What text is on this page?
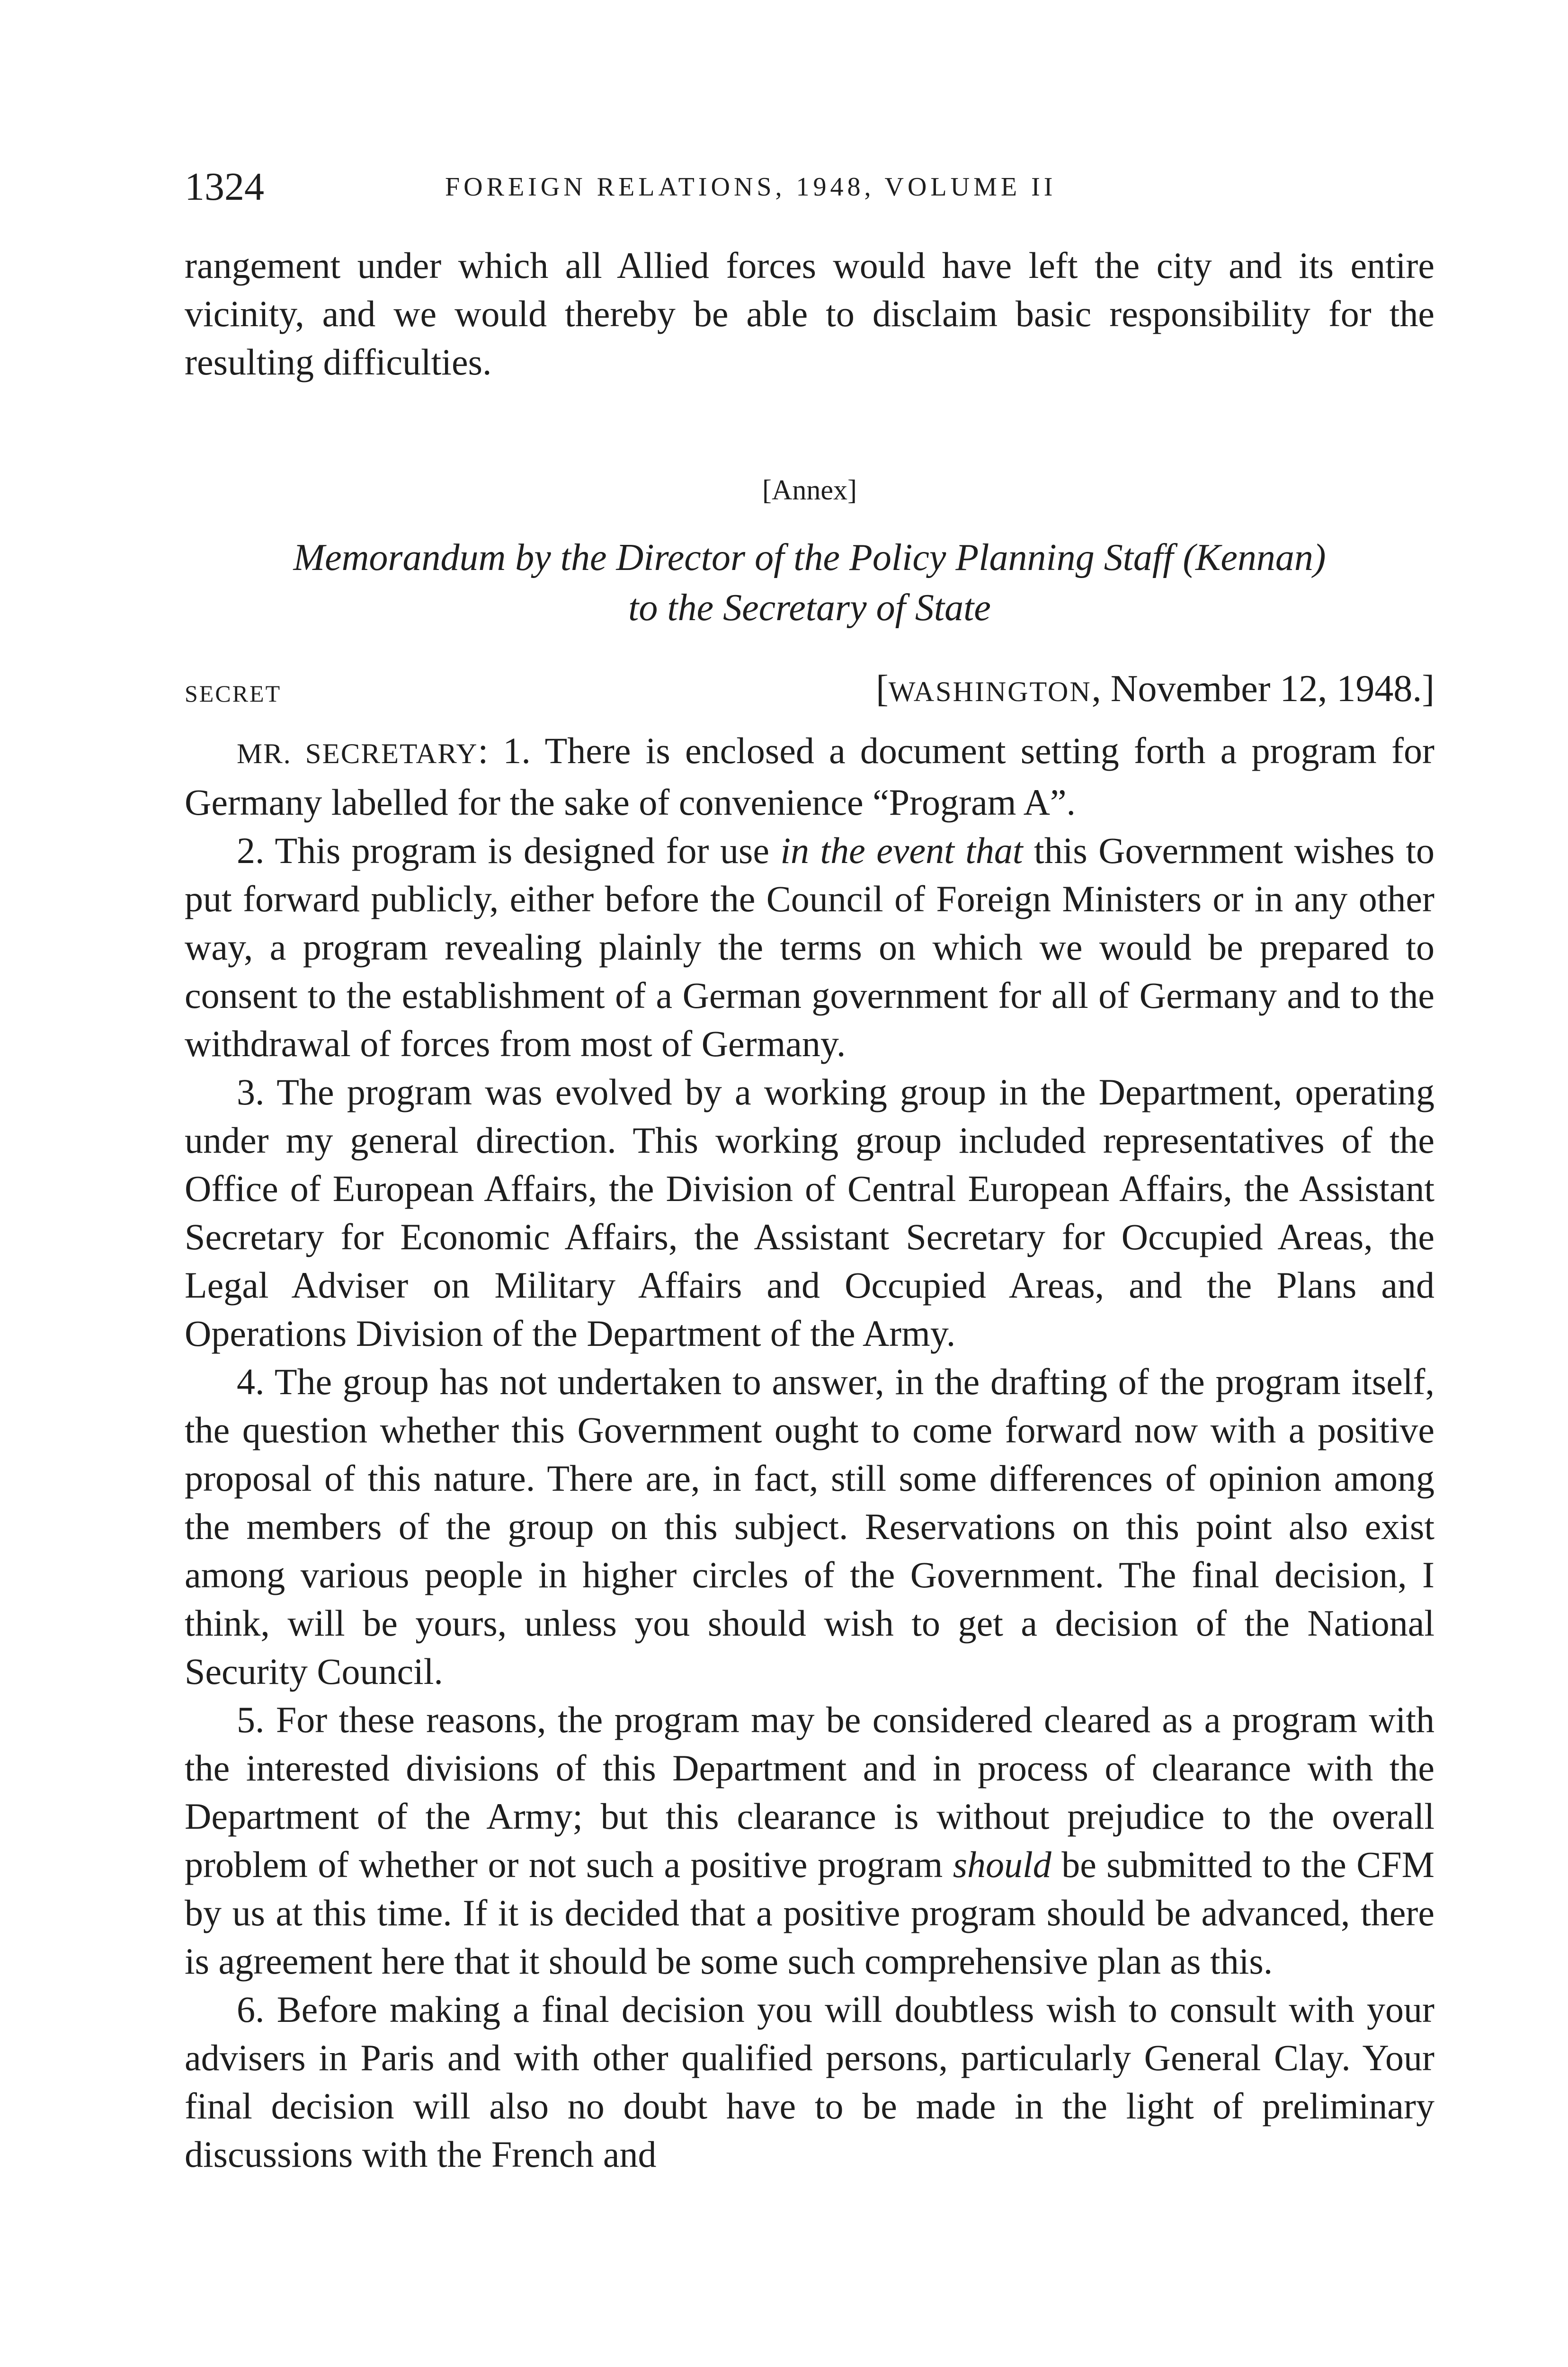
1324	FOREIGN RELATIONS, 1948, VOLUME II

rangement under which all Allied forces would have left the city and its entire vicinity, and we would thereby be able to disclaim basic responsibility for the resulting difficulties.

[Annex]
Memorandum by the Director of the Policy Planning Staff (Kennan)
to the Secretary of State
SECRET	[WASHINGTON, November 12, 1948.]

MR. SECRETARY: 1. There is enclosed a document setting forth a program for Germany labelled for the sake of convenience “Program A”.

2. This program is designed for use in the event that this Government wishes to put forward publicly, either before the Council of Foreign Ministers or in any other way, a program revealing plainly the terms on which we would be prepared to consent to the establishment of a German government for all of Germany and to the withdrawal of forces from most of Germany.

3. The program was evolved by a working group in the Department, operating under my general direction. This working group included representatives of the Office of European Affairs, the Division of Central European Affairs, the Assistant Secretary for Economic Affairs, the Assistant Secretary for Occupied Areas, the Legal Adviser on Military Affairs and Occupied Areas, and the Plans and Operations Division of the Department of the Army.

4. The group has not undertaken to answer, in the drafting of the program itself, the question whether this Government ought to come forward now with a positive proposal of this nature. There are, in fact, still some differences of opinion among the members of the group on this subject. Reservations on this point also exist among various people in higher circles of the Government. The final decision, I think, will be yours, unless you should wish to get a decision of the National Security Council.

5. For these reasons, the program may be considered cleared as a program with the interested divisions of this Department and in process of clearance with the Department of the Army; but this clearance is without prejudice to the overall problem of whether or not such a positive program should be submitted to the CFM by us at this time. If it is decided that a positive program should be advanced, there is agreement here that it should be some such comprehensive plan as this.

6. Before making a final decision you will doubtless wish to consult with your advisers in Paris and with other qualified persons, particularly General Clay. Your final decision will also no doubt have to be made in the light of preliminary discussions with the French and
